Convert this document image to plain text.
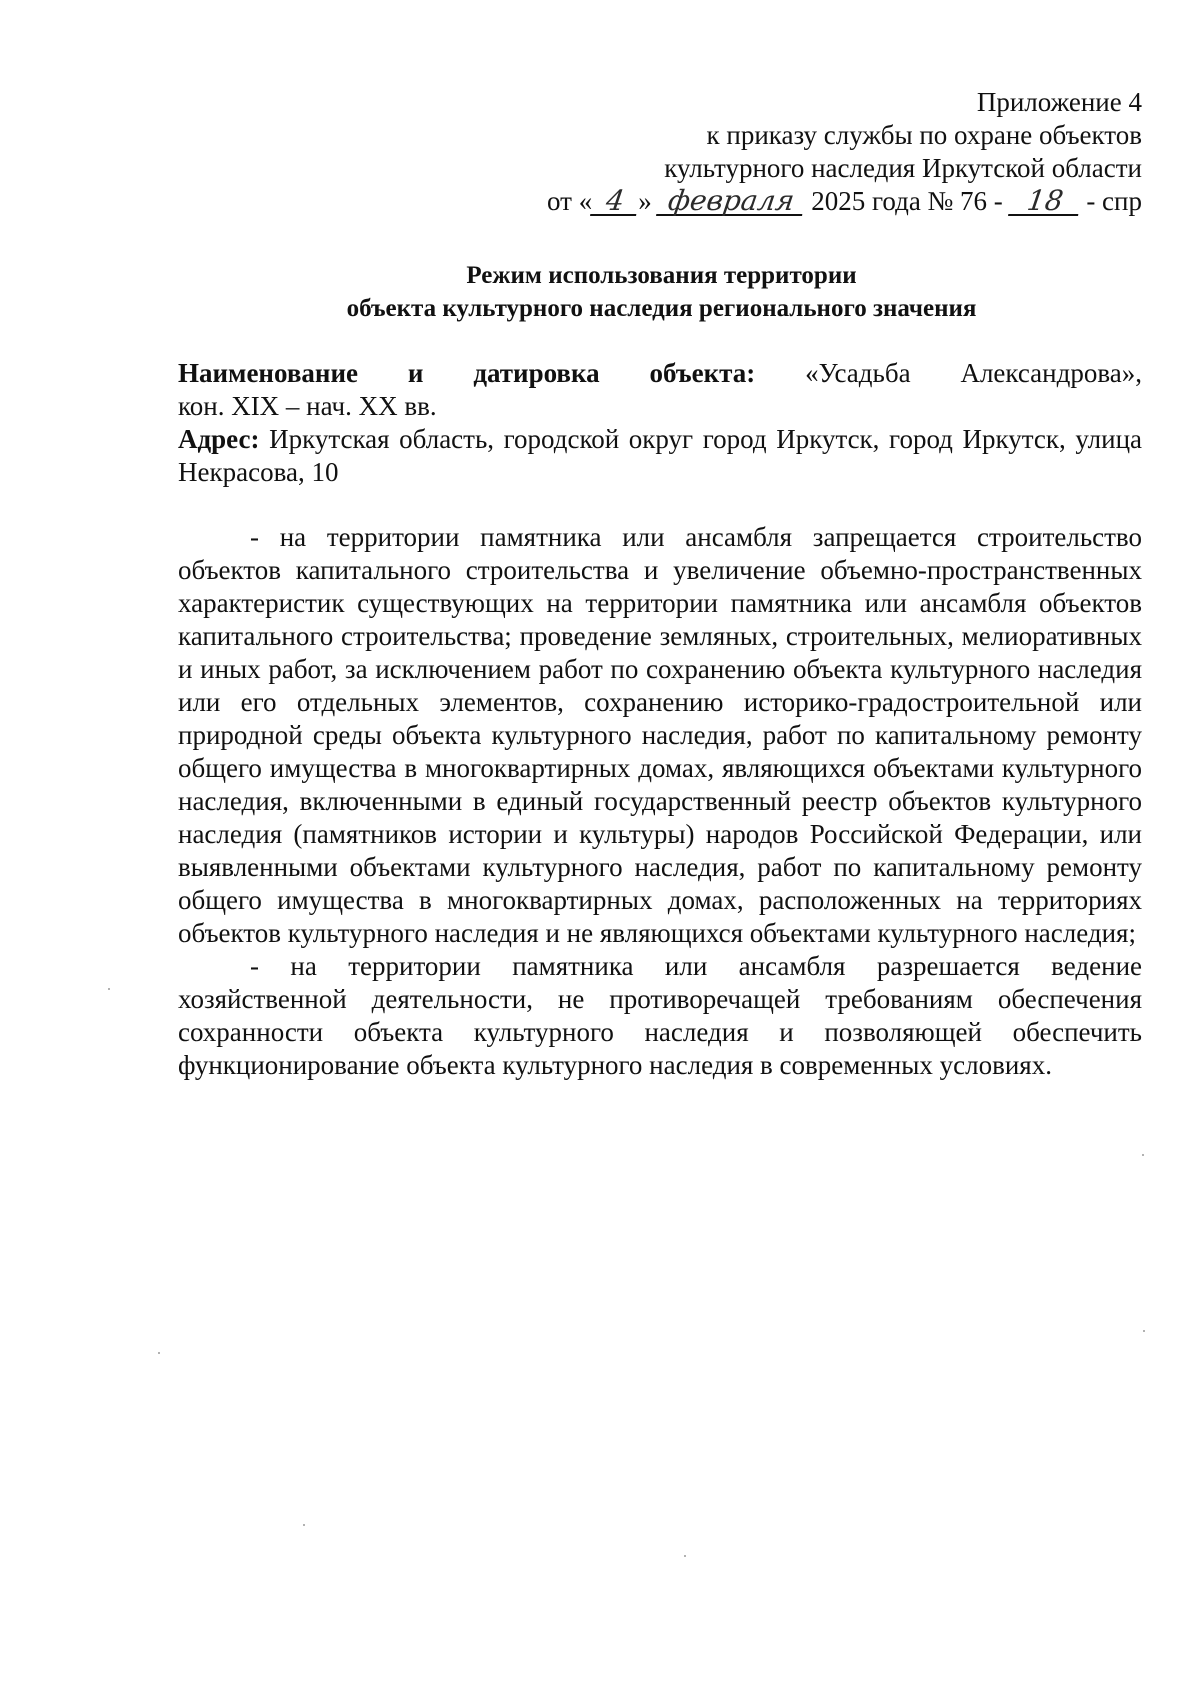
Приложение 4
к приказу службы по охране объектов
культурного наследия Иркутской области
от « 4 » февраля 2025 года № 76 - 18 - спр
Режим использования территории
объекта культурного наследия регионального значения
Наименование и датировка объекта: «Усадьба Александрова»,

кон. XIX – нач. XX вв.

Адрес: Иркутская область, городской округ город Иркутск, город Иркутск, улица Некрасова, 10

- на территории памятника или ансамбля запрещается строительство объектов капитального строительства и увеличение объемно-пространственных характеристик существующих на территории памятника или ансамбля объектов капитального строительства; проведение земляных, строительных, мелиоративных и иных работ, за исключением работ по сохранению объекта культурного наследия или его отдельных элементов, сохранению историко-градостроительной или природной среды объекта культурного наследия, работ по капитальному ремонту общего имущества в многоквартирных домах, являющихся объектами культурного наследия, включенными в единый государственный реестр объектов культурного наследия (памятников истории и культуры) народов Российской Федерации, или выявленными объектами культурного наследия, работ по капитальному ремонту общего имущества в многоквартирных домах, расположенных на территориях объектов культурного наследия и не являющихся объектами культурного наследия;

- на территории памятника или ансамбля разрешается ведение хозяйственной деятельности, не противоречащей требованиям обеспечения сохранности объекта культурного наследия и позволяющей обеспечить функционирование объекта культурного наследия в современных условиях.
